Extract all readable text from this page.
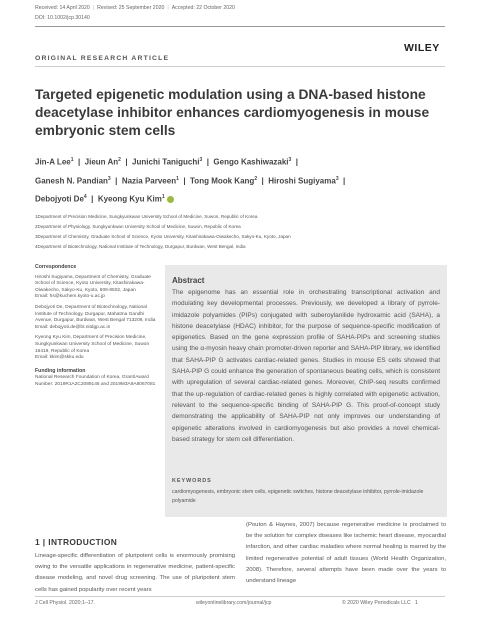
Received: 14 April 2020 | Revised: 25 September 2020 | Accepted: 22 October 2020
DOI: 10.1002/jcp.30140
WILEY
ORIGINAL RESEARCH ARTICLE
Targeted epigenetic modulation using a DNA-based histone deacetylase inhibitor enhances cardiomyogenesis in mouse embryonic stem cells
Jin-A Lee$^1$  |  Jieun An$^2$  |  Junichi Taniguchi$^3$  |  Gengo Kashiwazaki$^3$  |
Ganesh N. Pandian$^3$  |  Nazia Parveen$^1$  |  Tong Mook Kang$^2$  |  Hiroshi Sugiyama$^3$  |
Debojyoti De$^4$  |  Kyeong Kyu Kim$^1$
1Department of Precision Medicine, Sungkyunkwan University School of Medicine, Suwon, Republic of Korea
2Department of Physiology, Sungkyunkwan University School of Medicine, Suwon, Republic of Korea
3Department of Chemistry, Graduate School of Science, Kyoto University, Kitashirakawa-Oiwakecho, Sakyo-Ku, Kyoto, Japan
4Department of Biotechnology, National Institute of Technology, Durgapur, Burdwan, West Bengal, India

Correspondence

Hiroshi Sugiyama, Department of Chemistry, Graduate School of Science, Kyoto University, Kitashirakawa-Oiwakecho, Sakyo-Ku, Kyoto, 606-8502, Japan

Email: hs@kuchem.kyoto-u.ac.jp

Debojyoti De, Department of Biotechnology, National Institute of Technology, Durgapur, Mahatma Gandhi Avenue, Durgapur, Burdwan, West Bengal 713209, India

Email: debojyoti.de@bt.nitdgp.ac.in

Kyeong Kyu Kim, Department of Precision Medicine, Sungkyunkwan University School of Medicine, Suwon 16419, Republic of Korea

Email: kkim@skku.edu

Funding information

National Research Foundation of Korea, Grant/Award Number: 2019R1A2C2089146 and 2019M3A9A8067081

Abstract
The epigenome has an essential role in orchestrating transcriptional activation and modulating key developmental processes. Previously, we developed a library of pyrrole-imidazole polyamides (PIPs) conjugated with suberoylanilide hydroxamic acid (SAHA), a histone deacetylase (HDAC) inhibitor, for the purpose of sequence-specific modification of epigenetics. Based on the gene expression profile of SAHA-PIPs and screening studies using the α-myosin heavy chain promoter-driven reporter and SAHA-PIP library, we identified that SAHA-PIP G activates cardiac-related genes. Studies in mouse ES cells showed that SAHA-PIP G could enhance the generation of spontaneous beating cells, which is consistent with upregulation of several cardiac-related genes. Moreover, ChIP-seq results confirmed that the up-regulation of cardiac-related genes is highly correlated with epigenetic activation, relevant to the sequence-specific binding of SAHA-PIP G. This proof-of-concept study demonstrating the applicability of SAHA-PIP not only improves our understanding of epigenetic alterations involved in cardiomyogenesis but also provides a novel chemical-based strategy for stem cell differentiation.
KEYWORDS
cardiomyogenesis, embryonic stem cells, epigenetic switches, histone deacetylase inhibitor, pyrrole-imidazole polyamide
1 | INTRODUCTION
Lineage-specific differentiation of pluripotent cells is enormously promising owing to the versatile applications in regenerative medicine, patient-specific disease modeling, and novel drug screening. The use of pluripotent stem cells has gained popularity over recent years
(Pouton & Haynes, 2007) because regenerative medicine is proclaimed to be the solution for complex diseases like ischemic heart disease, myocardial infarction, and other cardiac maladies where normal healing is marred by the limited regenerative potential of adult tissues (World Health Organization, 2008). Therefore, several attempts have been made over the years to understand lineage
J Cell Physiol. 2020;1–17.	wileyonlinelibrary.com/journal/jcp	© 2020 Wiley Periodicals LLC 1
